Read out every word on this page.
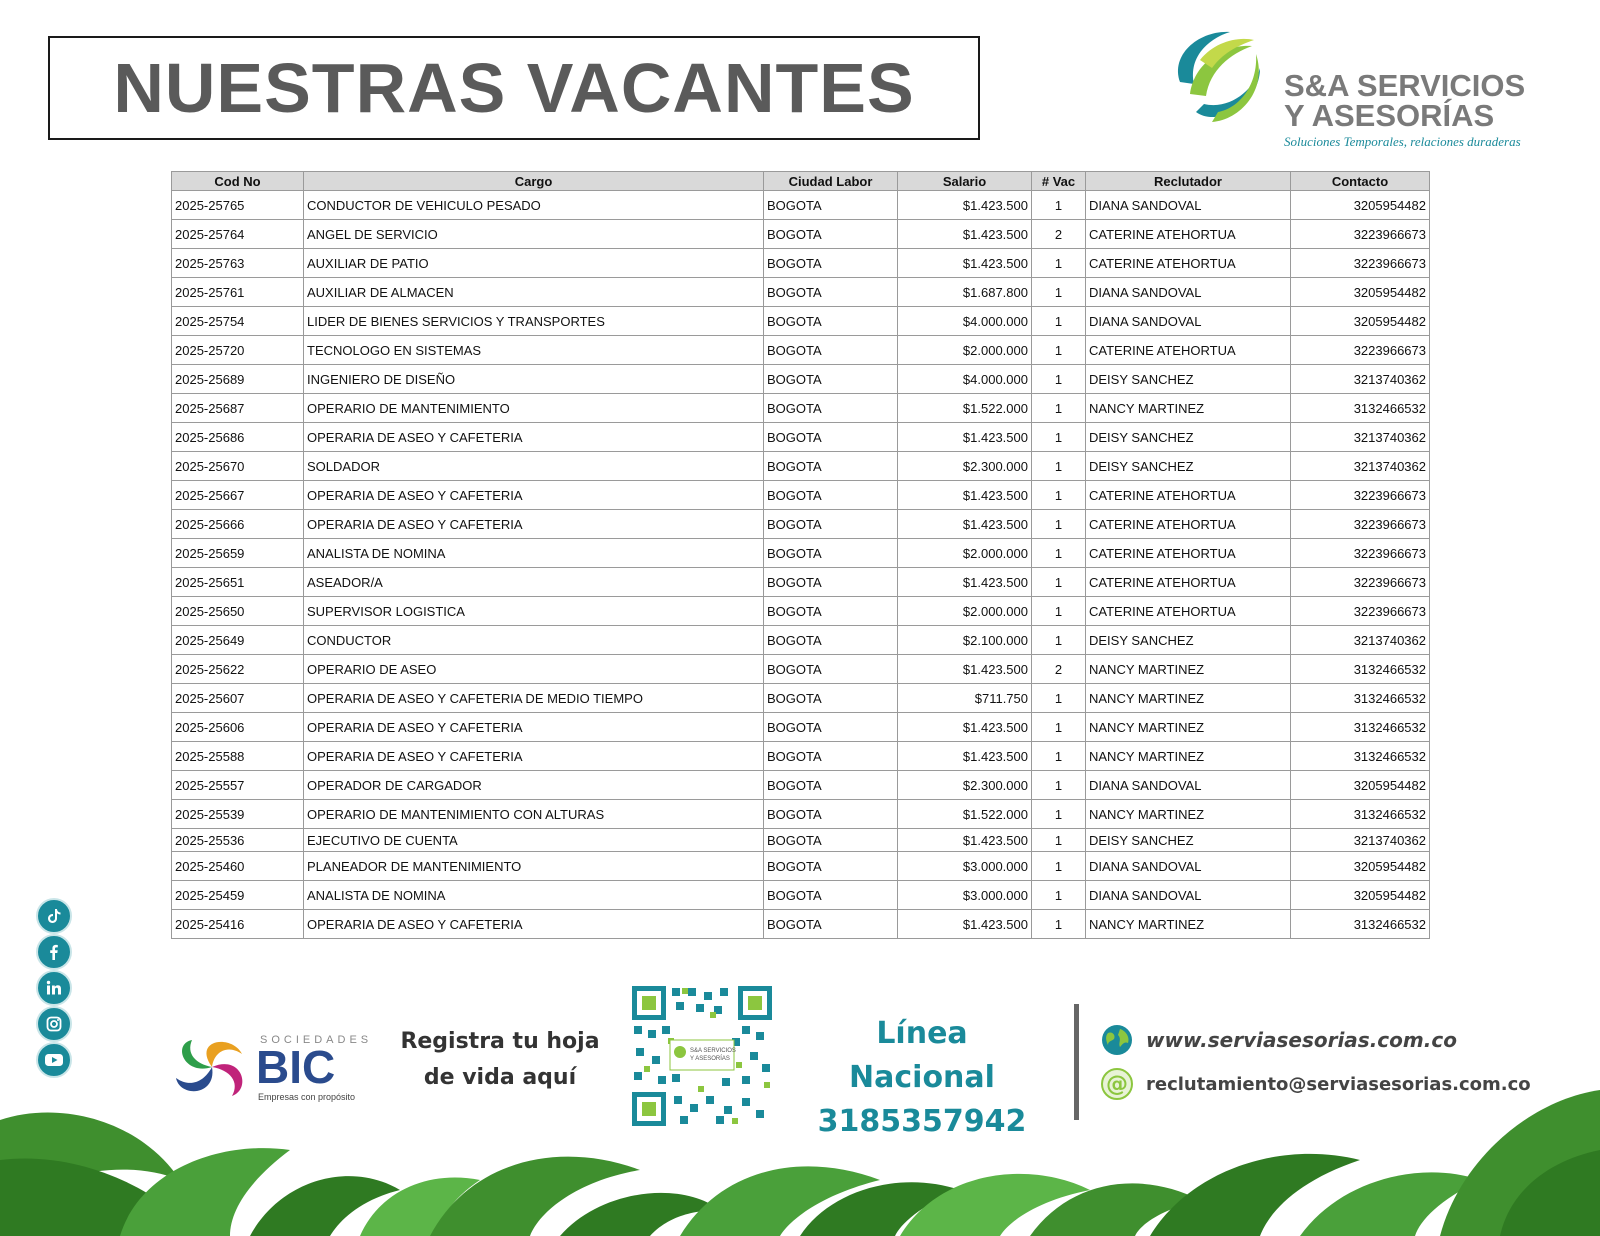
NUESTRAS VACANTES	S&A SERVICIOS
Y ASESORÍAS
Soluciones Temporales, relaciones duraderas
Cod No	Cargo	Ciudad Labor	Salario	# Vac	Reclutador	Contacto
2025-25765	CONDUCTOR DE VEHICULO PESADO	BOGOTA	$1.423.500	1	DIANA SANDOVAL	3205954482
2025-25764	ANGEL DE SERVICIO	BOGOTA	$1.423.500	2	CATERINE ATEHORTUA	3223966673
2025-25763	AUXILIAR DE PATIO	BOGOTA	$1.423.500	1	CATERINE ATEHORTUA	3223966673
2025-25761	AUXILIAR DE ALMACEN	BOGOTA	$1.687.800	1	DIANA SANDOVAL	3205954482
2025-25754	LIDER DE BIENES SERVICIOS Y TRANSPORTES	BOGOTA	$4.000.000	1	DIANA SANDOVAL	3205954482
2025-25720	TECNOLOGO EN SISTEMAS	BOGOTA	$2.000.000	1	CATERINE ATEHORTUA	3223966673
2025-25689	INGENIERO DE DISEÑO	BOGOTA	$4.000.000	1	DEISY SANCHEZ	3213740362
2025-25687	OPERARIO DE MANTENIMIENTO	BOGOTA	$1.522.000	1	NANCY MARTINEZ	3132466532
2025-25686	OPERARIA DE ASEO Y CAFETERIA	BOGOTA	$1.423.500	1	DEISY SANCHEZ	3213740362
2025-25670	SOLDADOR	BOGOTA	$2.300.000	1	DEISY SANCHEZ	3213740362
2025-25667	OPERARIA DE ASEO Y CAFETERIA	BOGOTA	$1.423.500	1	CATERINE ATEHORTUA	3223966673
2025-25666	OPERARIA DE ASEO Y CAFETERIA	BOGOTA	$1.423.500	1	CATERINE ATEHORTUA	3223966673
2025-25659	ANALISTA DE NOMINA	BOGOTA	$2.000.000	1	CATERINE ATEHORTUA	3223966673
2025-25651	ASEADOR/A	BOGOTA	$1.423.500	1	CATERINE ATEHORTUA	3223966673
2025-25650	SUPERVISOR LOGISTICA	BOGOTA	$2.000.000	1	CATERINE ATEHORTUA	3223966673
2025-25649	CONDUCTOR	BOGOTA	$2.100.000	1	DEISY SANCHEZ	3213740362
2025-25622	OPERARIO DE ASEO	BOGOTA	$1.423.500	2	NANCY MARTINEZ	3132466532
2025-25607	OPERARIA DE ASEO Y CAFETERIA DE MEDIO TIEMPO	BOGOTA	$711.750	1	NANCY MARTINEZ	3132466532
2025-25606	OPERARIA DE ASEO Y CAFETERIA	BOGOTA	$1.423.500	1	NANCY MARTINEZ	3132466532
2025-25588	OPERARIA DE ASEO Y CAFETERIA	BOGOTA	$1.423.500	1	NANCY MARTINEZ	3132466532
2025-25557	OPERADOR DE CARGADOR	BOGOTA	$2.300.000	1	DIANA SANDOVAL	3205954482
2025-25539	OPERARIO DE MANTENIMIENTO CON ALTURAS	BOGOTA	$1.522.000	1	NANCY MARTINEZ	3132466532
2025-25536	EJECUTIVO DE CUENTA	BOGOTA	$1.423.500	1	DEISY SANCHEZ	3213740362
2025-25460	PLANEADOR DE MANTENIMIENTO	BOGOTA	$3.000.000	1	DIANA SANDOVAL	3205954482
2025-25459	ANALISTA DE NOMINA	BOGOTA	$3.000.000	1	DIANA SANDOVAL	3205954482
2025-25416	OPERARIA DE ASEO Y CAFETERIA	BOGOTA	$1.423.500	1	NANCY MARTINEZ	3132466532
SOCIEDADES
BIC
Empresas con propósito
Registra tu hoja
de vida aquí
S&A SERVICIOS
Y ASESORÍAS
Línea Nacional
3185357942
www.serviasesorias.com.co
@ reclutamiento@serviasesorias.com.co
